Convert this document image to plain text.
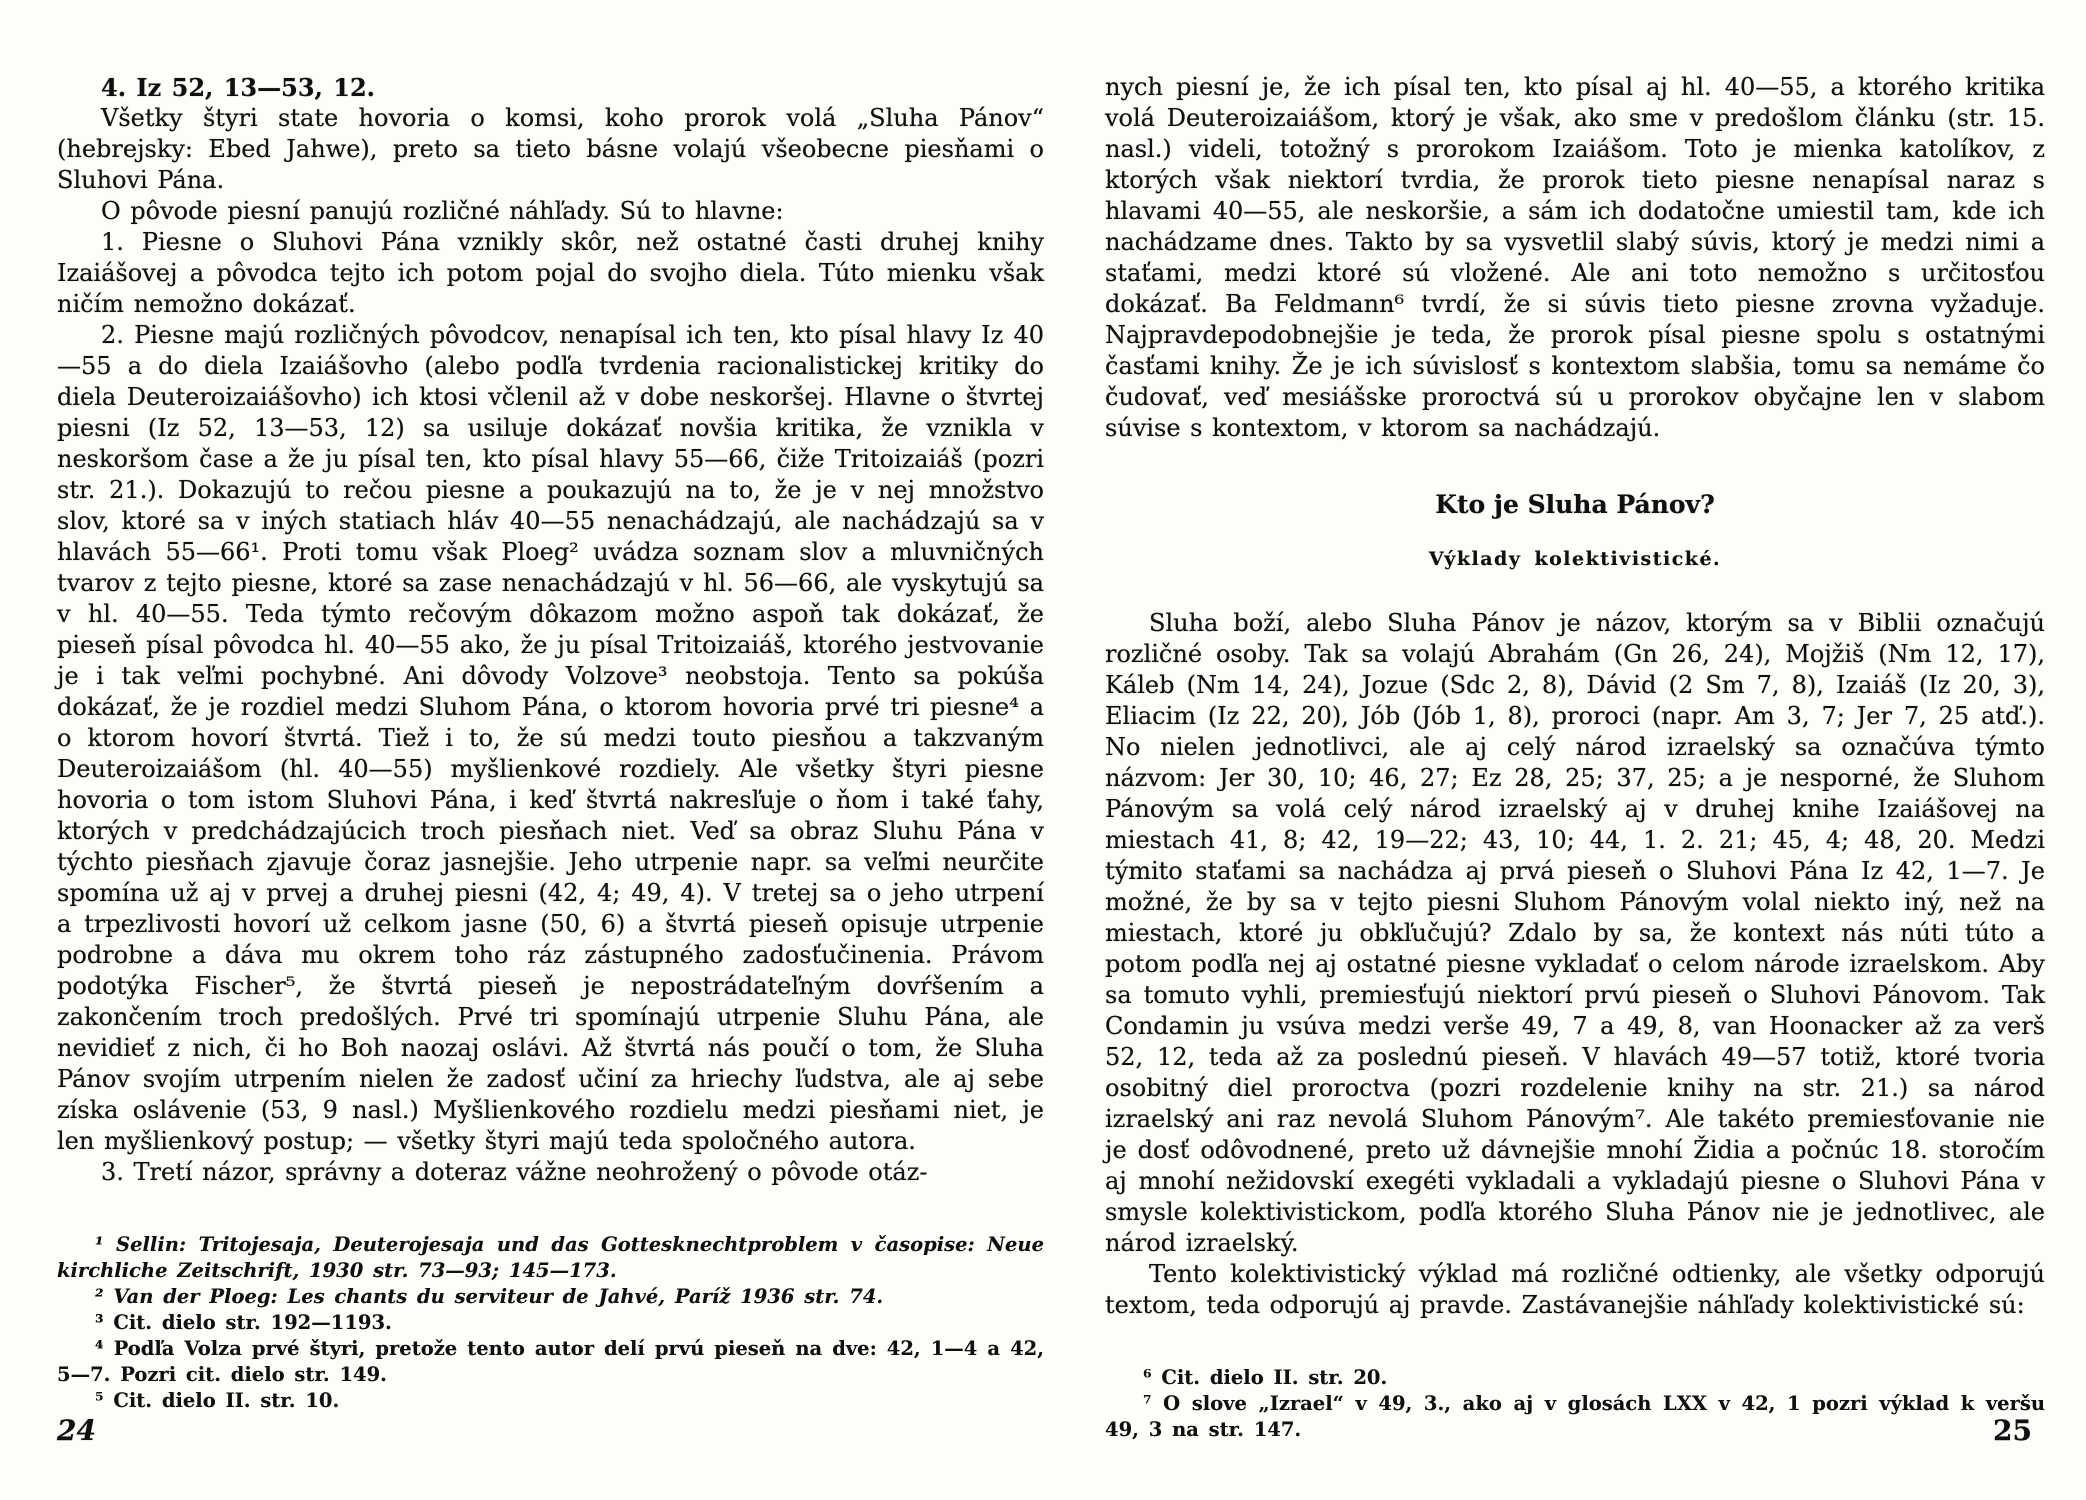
4. Iz 52, 13—53, 12.

Všetky štyri state hovoria o komsi, koho prorok volá „Sluha Pánov“ (hebrejsky: Ebed Jahwe), preto sa tieto básne volajú všeobecne piesňami o Sluhovi Pána.

O pôvode piesní panujú rozličné náhľady. Sú to hlavne:

1. Piesne o Sluhovi Pána vznikly skôr, než ostatné časti druhej knihy Izaiášovej a pôvodca tejto ich potom pojal do svojho diela. Túto mienku však ničím nemožno dokázať.

2. Piesne majú rozličných pôvodcov, nenapísal ich ten, kto písal hlavy Iz 40—55 a do diela Izaiášovho (alebo podľa tvrdenia racionalistickej kritiky do diela Deuteroizaiášovho) ich ktosi včlenil až v dobe neskoršej. Hlavne o štvrtej piesni (Iz 52, 13—53, 12) sa usiluje dokázať novšia kritika, že vznikla v neskoršom čase a že ju písal ten, kto písal hlavy 55—66, čiže Tritoizaiáš (pozri str. 21.). Dokazujú to rečou piesne a poukazujú na to, že je v nej množstvo slov, ktoré sa v iných statiach hláv 40—55 nenachádzajú, ale nachádzajú sa v hlavách 55—66¹. Proti tomu však Ploeg² uvádza soznam slov a mluvničných tvarov z tejto piesne, ktoré sa zase nenachádzajú v hl. 56—66, ale vyskytujú sa v hl. 40—55. Teda týmto rečovým dôkazom možno aspoň tak dokázať, že pieseň písal pôvodca hl. 40—55 ako, že ju písal Tritoizaiáš, ktorého jestvovanie je i tak veľmi pochybné. Ani dôvody Volzove³ neobstoja. Tento sa pokúša dokázať, že je rozdiel medzi Sluhom Pána, o ktorom hovoria prvé tri piesne⁴ a o ktorom hovorí štvrtá. Tiež i to, že sú medzi touto piesňou a takzvaným Deuteroizaiášom (hl. 40—55) myšlienkové rozdiely. Ale všetky štyri piesne hovoria o tom istom Sluhovi Pána, i keď štvrtá nakresľuje o ňom i také ťahy, ktorých v predchádzajúcich troch piesňach niet. Veď sa obraz Sluhu Pána v týchto piesňach zjavuje čoraz jasnejšie. Jeho utrpenie napr. sa veľmi neurčite spomína už aj v prvej a druhej piesni (42, 4; 49, 4). V tretej sa o jeho utrpení a trpezlivosti hovorí už celkom jasne (50, 6) a štvrtá pieseň opisuje utrpenie podrobne a dáva mu okrem toho ráz zástupného zadosťučinenia. Právom podotýka Fischer⁵, že štvrtá pieseň je nepostrádateľným dovŕšením a zakončením troch predošlých. Prvé tri spomínajú utrpenie Sluhu Pána, ale nevidieť z nich, či ho Boh naozaj oslávi. Až štvrtá nás poučí o tom, že Sluha Pánov svojím utrpením nielen že zadosť učiní za hriechy ľudstva, ale aj sebe získa oslávenie (53, 9 nasl.) Myšlienkového rozdielu medzi piesňami niet, je len myšlienkový postup; — všetky štyri majú teda spoločného autora.

3. Tretí názor, správny a doteraz vážne neohrožený o pôvode otáz-

¹ Sellin: Tritojesaja, Deuterojesaja und das Gottesknechtproblem v časopise: Neue kirchliche Zeitschrift, 1930 str. 73—93; 145—173.

² Van der Ploeg: Les chants du serviteur de Jahvé, Paríž 1936 str. 74.

³ Cit. dielo str. 192—1193.

⁴ Podľa Volza prvé štyri, pretože tento autor delí prvú pieseň na dve: 42, 1—4 a 42, 5—7. Pozri cit. dielo str. 149.

⁵ Cit. dielo II. str. 10.

nych piesní je, že ich písal ten, kto písal aj hl. 40—55, a ktorého kritika volá Deuteroizaiášom, ktorý je však, ako sme v predošlom článku (str. 15. nasl.) videli, totožný s prorokom Izaiášom. Toto je mienka katolíkov, z ktorých však niektorí tvrdia, že prorok tieto piesne nenapísal naraz s hlavami 40—55, ale neskoršie, a sám ich dodatočne umiestil tam, kde ich nachádzame dnes. Takto by sa vysvetlil slabý súvis, ktorý je medzi nimi a staťami, medzi ktoré sú vložené. Ale ani toto nemožno s určitosťou dokázať. Ba Feldmann⁶ tvrdí, že si súvis tieto piesne zrovna vyžaduje. Najpravdepodobnejšie je teda, že prorok písal piesne spolu s ostatnými časťami knihy. Že je ich súvislosť s kontextom slabšia, tomu sa nemáme čo čudovať, veď mesiášske proroctvá sú u prorokov obyčajne len v slabom súvise s kontextom, v ktorom sa nachádzajú.

Kto je Sluha Pánov?
Výklady kolektivistické.

Sluha boží, alebo Sluha Pánov je názov, ktorým sa v Biblii označujú rozličné osoby. Tak sa volajú Abrahám (Gn 26, 24), Mojžiš (Nm 12, 17), Káleb (Nm 14, 24), Jozue (Sdc 2, 8), Dávid (2 Sm 7, 8), Izaiáš (Iz 20, 3), Eliacim (Iz 22, 20), Jób (Jób 1, 8), proroci (napr. Am 3, 7; Jer 7, 25 atď.). No nielen jednotlivci, ale aj celý národ izraelský sa označúva týmto názvom: Jer 30, 10; 46, 27; Ez 28, 25; 37, 25; a je nesporné, že Sluhom Pánovým sa volá celý národ izraelský aj v druhej knihe Izaiášovej na miestach 41, 8; 42, 19—22; 43, 10; 44, 1. 2. 21; 45, 4; 48, 20. Medzi týmito staťami sa nachádza aj prvá pieseň o Sluhovi Pána Iz 42, 1—7. Je možné, že by sa v tejto piesni Sluhom Pánovým volal niekto iný, než na miestach, ktoré ju obkľučujú? Zdalo by sa, že kontext nás núti túto a potom podľa nej aj ostatné piesne vykladať o celom národe izraelskom. Aby sa tomuto vyhli, premiesťujú niektorí prvú pieseň o Sluhovi Pánovom. Tak Condamin ju vsúva medzi verše 49, 7 a 49, 8, van Hoonacker až za verš 52, 12, teda až za poslednú pieseň. V hlavách 49—57 totiž, ktoré tvoria osobitný diel proroctva (pozri rozdelenie knihy na str. 21.) sa národ izraelský ani raz nevolá Sluhom Pánovým⁷. Ale takéto premiesťovanie nie je dosť odôvodnené, preto už dávnejšie mnohí Židia a počnúc 18. storočím aj mnohí nežidovskí exegéti vykladali a vykladajú piesne o Sluhovi Pána v smysle kolektivistickom, podľa ktorého Sluha Pánov nie je jednotlivec, ale národ izraelský.

Tento kolektivistický výklad má rozličné odtienky, ale všetky odporujú textom, teda odporujú aj pravde. Zastávanejšie náhľady kolektivistické sú:

⁶ Cit. dielo II. str. 20.

⁷ O slove „Izrael“ v 49, 3., ako aj v glosách LXX v 42, 1 pozri výklad k veršu 49, 3 na str. 147.

24	25
